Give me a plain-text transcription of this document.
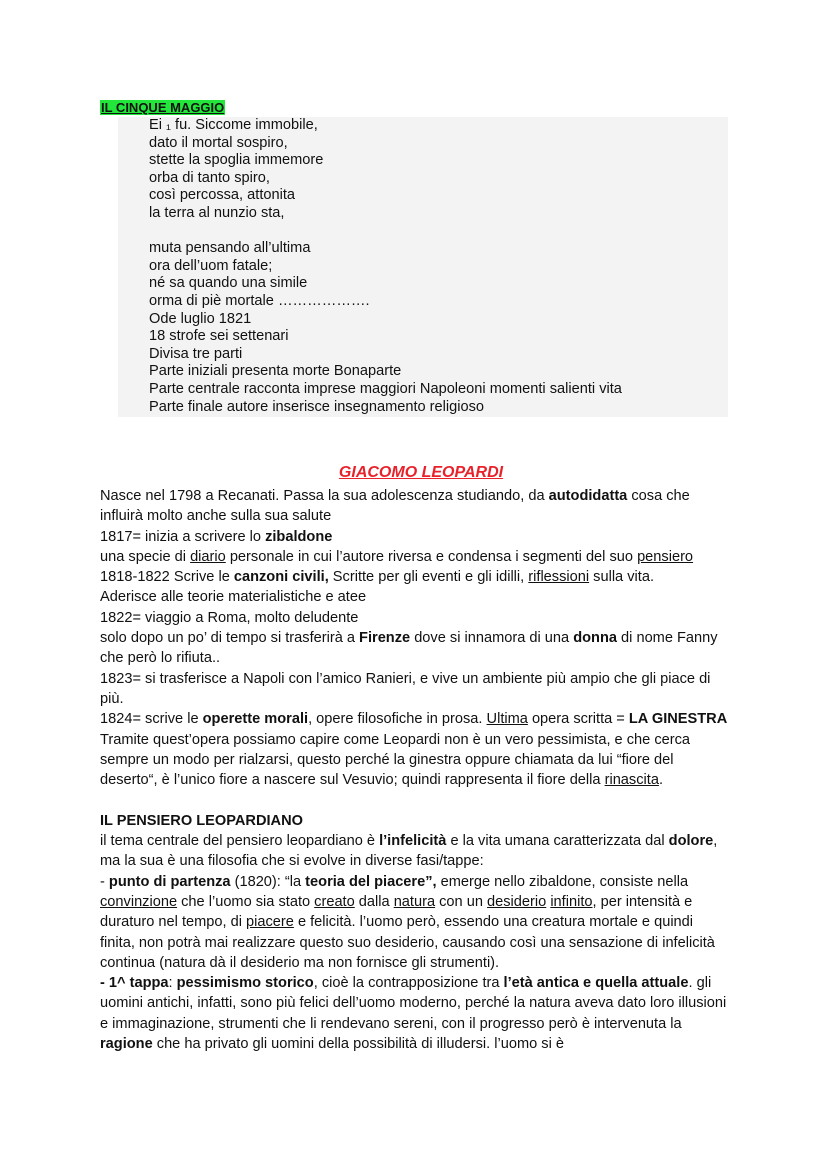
IL CINQUE MAGGIO
Ei ₁ fu. Siccome immobile,
dato il mortal sospiro,
stette la spoglia immemore
orba di tanto spiro,
così percossa, attonita
la terra al nunzio sta,
muta pensando all’ultima
ora dell’uom fatale;
né sa quando una simile
orma di piè mortale ……………….
Ode luglio 1821
18 strofe sei settenari
Divisa tre parti
Parte iniziali presenta morte Bonaparte
Parte centrale racconta imprese maggiori Napoleoni momenti salienti vita
Parte finale autore inserisce insegnamento religioso
GIACOMO LEOPARDI

Nasce nel 1798 a Recanati. Passa la sua adolescenza studiando, da autodidatta cosa che influirà molto anche sulla sua salute

1817= inizia a scrivere lo zibaldone

una specie di diario personale in cui l’autore riversa e condensa i segmenti del suo pensiero

1818-1822 Scrive le canzoni civili, Scritte per gli eventi e gli idilli, riflessioni sulla vita.

Aderisce alle teorie materialistiche e atee

1822= viaggio a Roma, molto deludente

solo dopo un po’ di tempo si trasferirà a Firenze dove si innamora di una donna di nome Fanny che però lo rifiuta..

1823= si trasferisce a Napoli con l’amico Ranieri, e vive un ambiente più ampio che gli piace di più.

1824= scrive le operette morali, opere filosofiche in prosa. Ultima opera scritta = LA GINESTRA

Tramite quest’opera possiamo capire come Leopardi non è un vero pessimista, e che cerca sempre un modo per rialzarsi, questo perché la ginestra oppure chiamata da lui “fiore del deserto“, è l’unico fiore a nascere sul Vesuvio; quindi rappresenta il fiore della rinascita.

IL PENSIERO LEOPARDIANO

il tema centrale del pensiero leopardiano è l’infelicità e la vita umana caratterizzata dal dolore, ma la sua è una filosofia che si evolve in diverse fasi/tappe:

- punto di partenza (1820): “la teoria del piacere”, emerge nello zibaldone, consiste nella convinzione che l’uomo sia stato creato dalla natura con un desiderio infinito, per intensità e duraturo nel tempo, di piacere e felicità. l’uomo però, essendo una creatura mortale e quindi finita, non potrà mai realizzare questo suo desiderio, causando così una sensazione di infelicità continua (natura dà il desiderio ma non fornisce gli strumenti).

- 1^ tappa: pessimismo storico, cioè la contrapposizione tra l’età antica e quella attuale. gli uomini antichi, infatti, sono più felici dell’uomo moderno, perché la natura aveva dato loro illusioni e immaginazione, strumenti che li rendevano sereni, con il progresso però è intervenuta la ragione che ha privato gli uomini della possibilità di illudersi. l’uomo si è
